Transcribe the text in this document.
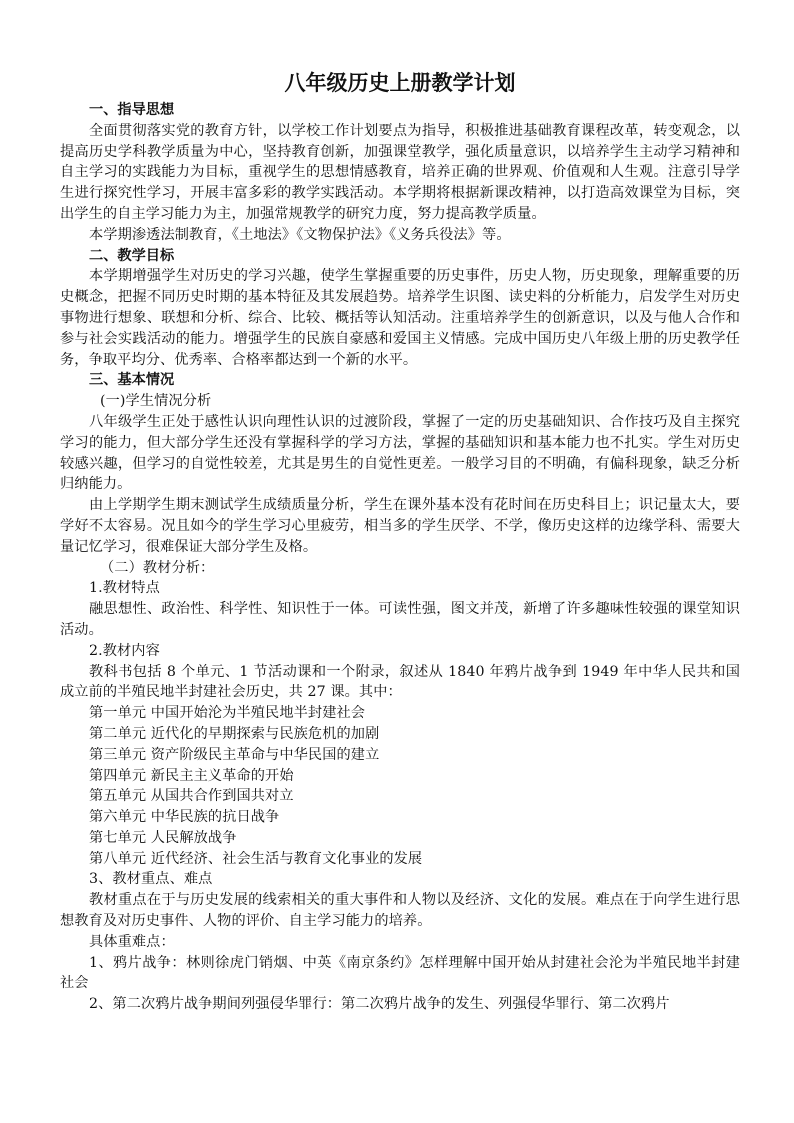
八年级历史上册教学计划

一、指导思想

全面贯彻落实党的教育方针，以学校工作计划要点为指导，积极推进基础教育课程改革，转变观念，以提高历史学科教学质量为中心，坚持教育创新，加强课堂教学，强化质量意识，以培养学生主动学习精神和自主学习的实践能力为目标，重视学生的思想情感教育，培养正确的世界观、价值观和人生观。注意引导学生进行探究性学习，开展丰富多彩的教学实践活动。本学期将根据新课改精神，以打造高效课堂为目标，突出学生的自主学习能力为主，加强常规教学的研究力度，努力提高教学质量。

本学期渗透法制教育，《土地法》《文物保护法》《义务兵役法》等。

二、教学目标

本学期增强学生对历史的学习兴趣，使学生掌握重要的历史事件，历史人物，历史现象，理解重要的历史概念，把握不同历史时期的基本特征及其发展趋势。培养学生识图、读史料的分析能力，启发学生对历史事物进行想象、联想和分析、综合、比较、概括等认知活动。注重培养学生的创新意识，以及与他人合作和参与社会实践活动的能力。增强学生的民族自豪感和爱国主义情感。完成中国历史八年级上册的历史教学任务，争取平均分、优秀率、合格率都达到一个新的水平。

三、基本情况

(一)学生情况分析

八年级学生正处于感性认识向理性认识的过渡阶段，掌握了一定的历史基础知识、合作技巧及自主探究学习的能力，但大部分学生还没有掌握科学的学习方法，掌握的基础知识和基本能力也不扎实。学生对历史较感兴趣，但学习的自觉性较差，尤其是男生的自觉性更差。一般学习目的不明确，有偏科现象，缺乏分析归纳能力。

由上学期学生期末测试学生成绩质量分析，学生在课外基本没有花时间在历史科目上；识记量太大，要学好不太容易。况且如今的学生学习心里疲劳，相当多的学生厌学、不学，像历史这样的边缘学科、需要大量记忆学习，很难保证大部分学生及格。

（二）教材分析：

1.教材特点

融思想性、政治性、科学性、知识性于一体。可读性强，图文并茂，新增了许多趣味性较强的课堂知识活动。

2.教材内容

教科书包括 8 个单元、1 节活动课和一个附录，叙述从 1840 年鸦片战争到 1949 年中华人民共和国成立前的半殖民地半封建社会历史，共 27 课。其中：

第一单元 中国开始沦为半殖民地半封建社会

第二单元 近代化的早期探索与民族危机的加剧

第三单元 资产阶级民主革命与中华民国的建立

第四单元 新民主主义革命的开始

第五单元 从国共合作到国共对立

第六单元 中华民族的抗日战争

第七单元 人民解放战争

第八单元 近代经济、社会生活与教育文化事业的发展

3、教材重点、难点

教材重点在于与历史发展的线索相关的重大事件和人物以及经济、文化的发展。难点在于向学生进行思想教育及对历史事件、人物的评价、自主学习能力的培养。

具体重难点：

1、鸦片战争：林则徐虎门销烟、中英《南京条约》怎样理解中国开始从封建社会沦为半殖民地半封建社会

2、第二次鸦片战争期间列强侵华罪行：第二次鸦片战争的发生、列强侵华罪行、第二次鸦片
